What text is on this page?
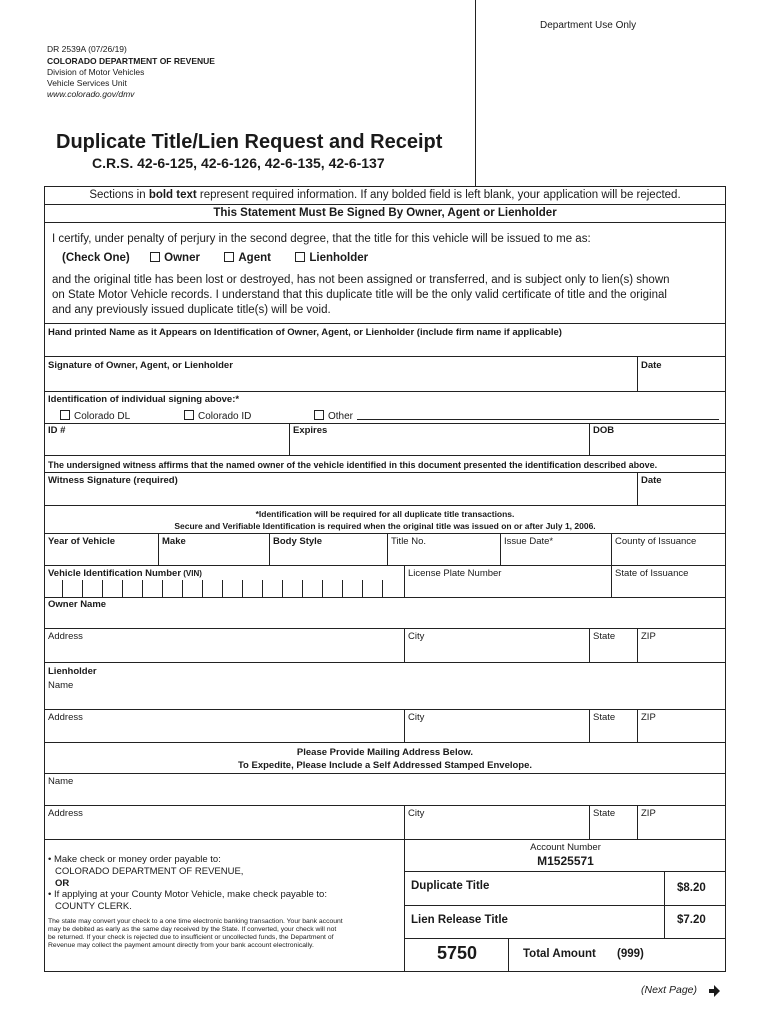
Department Use Only
DR 2539A (07/26/19)
COLORADO DEPARTMENT OF REVENUE
Division of Motor Vehicles
Vehicle Services Unit
www.colorado.gov/dmv
Duplicate Title/Lien Request and Receipt
C.R.S. 42-6-125, 42-6-126, 42-6-135, 42-6-137
Sections in bold text represent required information. If any bolded field is left blank, your application will be rejected.
This Statement Must Be Signed By Owner, Agent or Lienholder
I certify, under penalty of perjury in the second degree, that the title for this vehicle will be issued to me as:
(Check One)	Owner	Agent	Lienholder
and the original title has been lost or destroyed, has not been assigned or transferred, and is subject only to lien(s) shown
on State Motor Vehicle records. I understand that this duplicate title will be the only valid certificate of title and the original
and any previously issued duplicate title(s) will be void.
Hand printed Name as it Appears on Identification of Owner, Agent, or Lienholder (include firm name if applicable)
Signature of Owner, Agent, or Lienholder	Date
Identification of individual signing above:*
Colorado DL	Colorado ID	Other
ID #	Expires	DOB
The undersigned witness affirms that the named owner of the vehicle identified in this document presented the identification described above.
Witness Signature (required)	Date
*Identification will be required for all duplicate title transactions.
Secure and Verifiable Identification is required when the original title was issued on or after July 1, 2006.
Year of Vehicle	Make	Body Style	Title No.	Issue Date*	County of Issuance
Vehicle Identification Number (VIN)	License Plate Number	State of Issuance
Owner Name
Address	City	State	ZIP
Lienholder
Name
Address	City	State	ZIP
Please Provide Mailing Address Below.
To Expedite, Please Include a Self Addressed Stamped Envelope.
Name
Address	City	State	ZIP
• Make check or money order payable to:
COLORADO DEPARTMENT OF REVENUE,
OR
• If applying at your County Motor Vehicle, make check payable to:
COUNTY CLERK.
The state may convert your check to a one time electronic banking transaction. Your bank account
may be debited as early as the same day received by the State. If converted, your check will not
be returned. If your check is rejected due to insufficient or uncollected funds, the Department of
Revenue may collect the payment amount directly from your bank account electronically.
Account Number
M1525571
Duplicate Title	$8.20
Lien Release Title	$7.20
5750	Total Amount (999)
(Next Page)
